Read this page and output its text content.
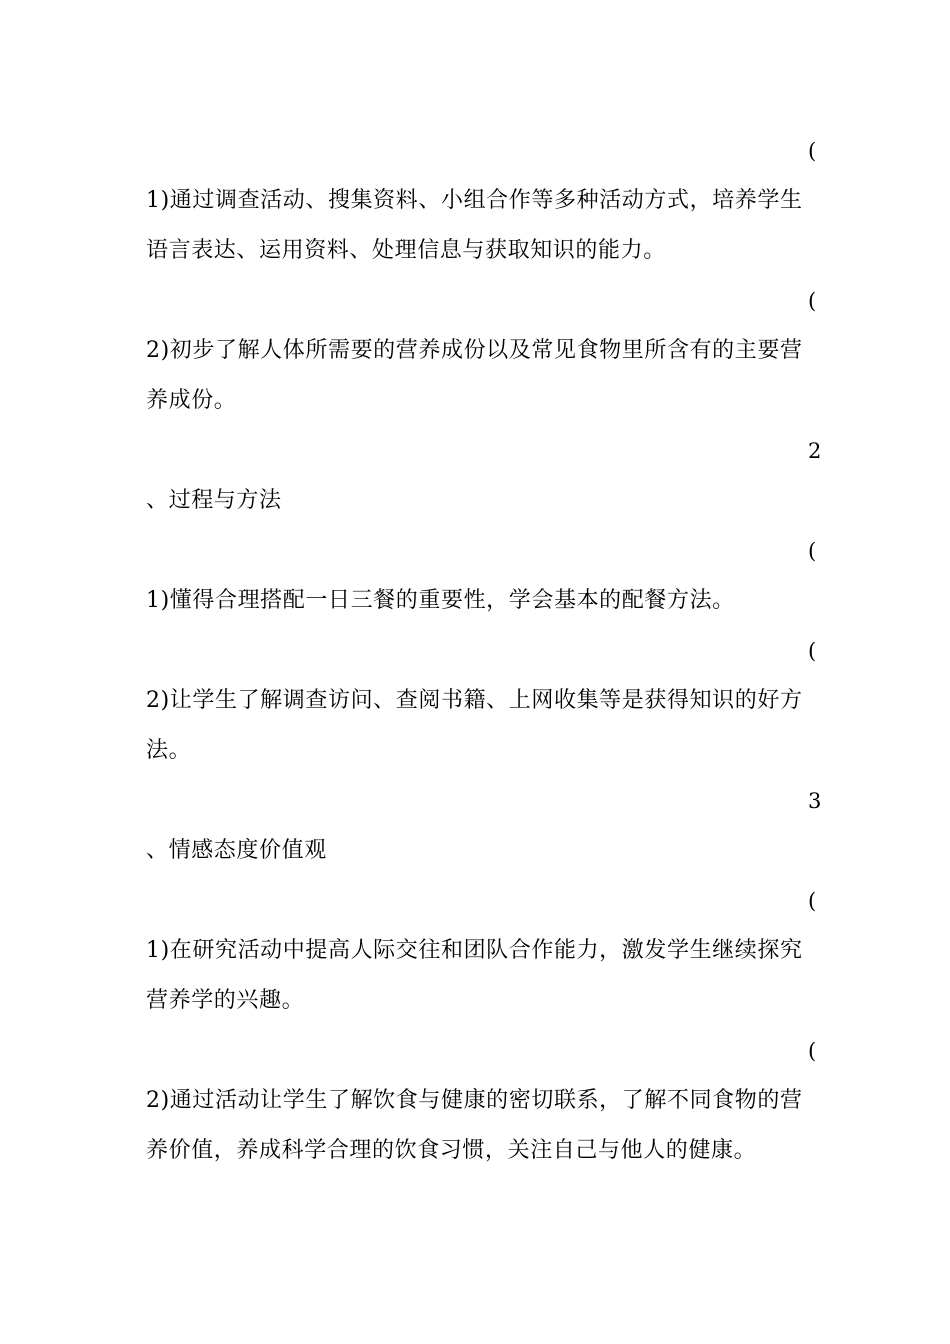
(
1)通过调查活动、搜集资料、小组合作等多种活动方式，培养学生
语言表达、运用资料、处理信息与获取知识的能力。
(
2)初步了解人体所需要的营养成份以及常见食物里所含有的主要营
养成份。
2
、过程与方法
(
1)懂得合理搭配一日三餐的重要性，学会基本的配餐方法。
(
2)让学生了解调查访问、查阅书籍、上网收集等是获得知识的好方
法。
3
、情感态度价值观
(
1)在研究活动中提高人际交往和团队合作能力，激发学生继续探究
营养学的兴趣。
(
2)通过活动让学生了解饮食与健康的密切联系，了解不同食物的营
养价值，养成科学合理的饮食习惯，关注自己与他人的健康。
